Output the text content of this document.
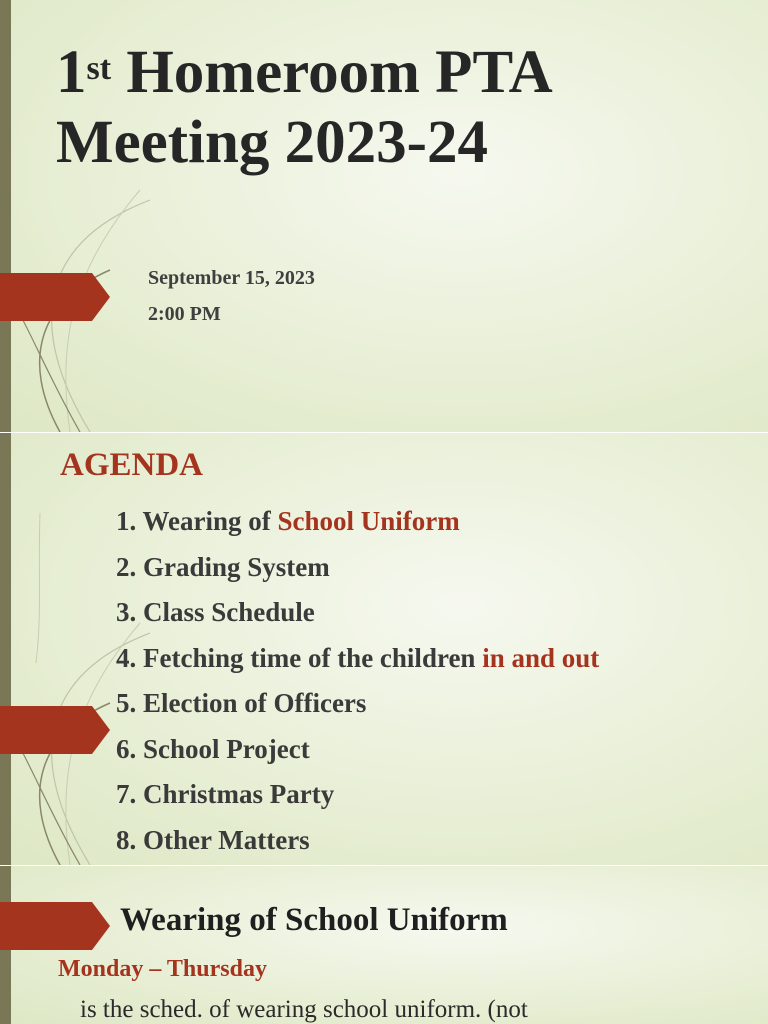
1st Homeroom PTA
Meeting 2023-24
September 15, 2023
2:00 PM
AGENDA
1. Wearing of School Uniform
2. Grading System
3. Class Schedule
4. Fetching time of the children in and out
5. Election of Officers
6. School Project
7. Christmas Party
8. Other Matters
Wearing of School Uniform
Monday – Thursday
is the sched. of wearing school uniform. (not
